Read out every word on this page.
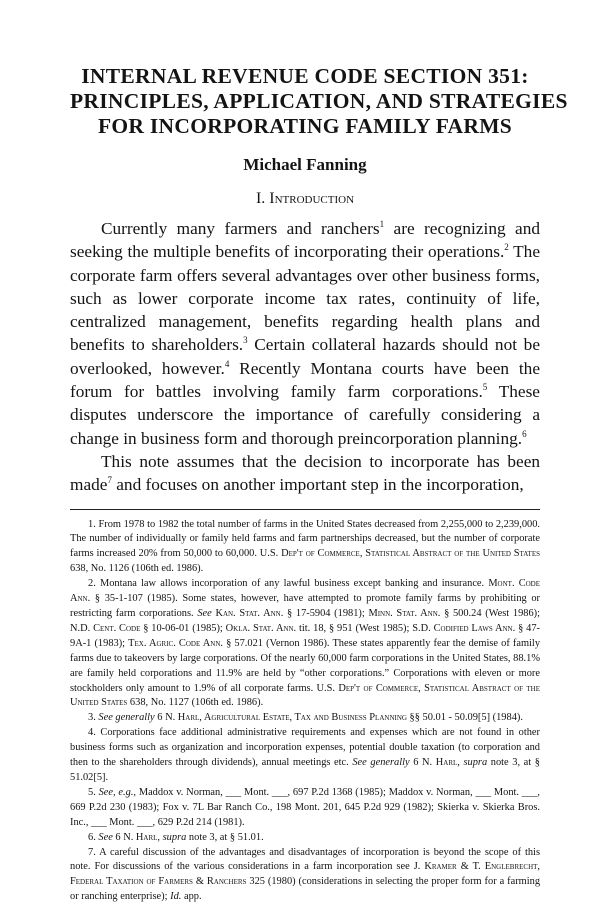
INTERNAL REVENUE CODE SECTION 351:
PRINCIPLES, APPLICATION, AND STRATEGIES
FOR INCORPORATING FAMILY FARMS
Michael Fanning
I. Introduction

Currently many farmers and ranchers$^1$ are recognizing and seeking the multiple benefits of incorporating their operations.$^2$ The corporate farm offers several advantages over other business forms, such as lower corporate income tax rates, continuity of life, centralized management, benefits regarding health plans and benefits to shareholders.$^3$ Certain collateral hazards should not be overlooked, however.$^4$ Recently Montana courts have been the forum for battles involving family farm corporations.$^5$ These disputes underscore the importance of carefully considering a change in business form and thorough preincorporation planning.$^6$

This note assumes that the decision to incorporate has been made$^7$ and focuses on another important step in the incorporation,

1. From 1978 to 1982 the total number of farms in the United States decreased from 2,255,000 to 2,239,000. The number of individually or family held farms and farm partnerships decreased, but the number of corporate farms increased 20% from 50,000 to 60,000. U.S. Dep't of Commerce, Statistical Abstract of the United States 638, No. 1126 (106th ed. 1986).

2. Montana law allows incorporation of any lawful business except banking and insurance. Mont. Code Ann. § 35-1-107 (1985). Some states, however, have attempted to promote family farms by prohibiting or restricting farm corporations. See Kan. Stat. Ann. § 17-5904 (1981); Minn. Stat. Ann. § 500.24 (West 1986); N.D. Cent. Code § 10-06-01 (1985); Okla. Stat. Ann. tit. 18, § 951 (West 1985); S.D. Codified Laws Ann. § 47-9A-1 (1983); Tex. Agric. Code Ann. § 57.021 (Vernon 1986). These states apparently fear the demise of family farms due to takeovers by large corporations. Of the nearly 60,000 farm corporations in the United States, 88.1% are family held corporations and 11.9% are held by “other corporations.” Corporations with eleven or more stockholders only amount to 1.9% of all corporate farms. U.S. Dep't of Commerce, Statistical Abstract of the United States 638, No. 1127 (106th ed. 1986).

3. See generally 6 N. Harl, Agricultural Estate, Tax and Business Planning §§ 50.01 - 50.09[5] (1984).

4. Corporations face additional administrative requirements and expenses which are not found in other business forms such as organization and incorporation expenses, potential double taxation (to corporation and then to the shareholders through dividends), annual meetings etc. See generally 6 N. Harl, supra note 3, at § 51.02[5].

5. See, e.g., Maddox v. Norman, ___ Mont. ___, 697 P.2d 1368 (1985); Maddox v. Norman, ___ Mont. ___, 669 P.2d 230 (1983); Fox v. 7L Bar Ranch Co., 198 Mont. 201, 645 P.2d 929 (1982); Skierka v. Skierka Bros. Inc., ___ Mont. ___, 629 P.2d 214 (1981).

6. See 6 N. Harl, supra note 3, at § 51.01.

7. A careful discussion of the advantages and disadvantages of incorporation is beyond the scope of this note. For discussions of the various considerations in a farm incorporation see J. Kramer & T. Englebrecht, Federal Taxation of Farmers & Ranchers 325 (1980) (considerations in selecting the proper form for a farming or ranching enterprise); Id. app.
